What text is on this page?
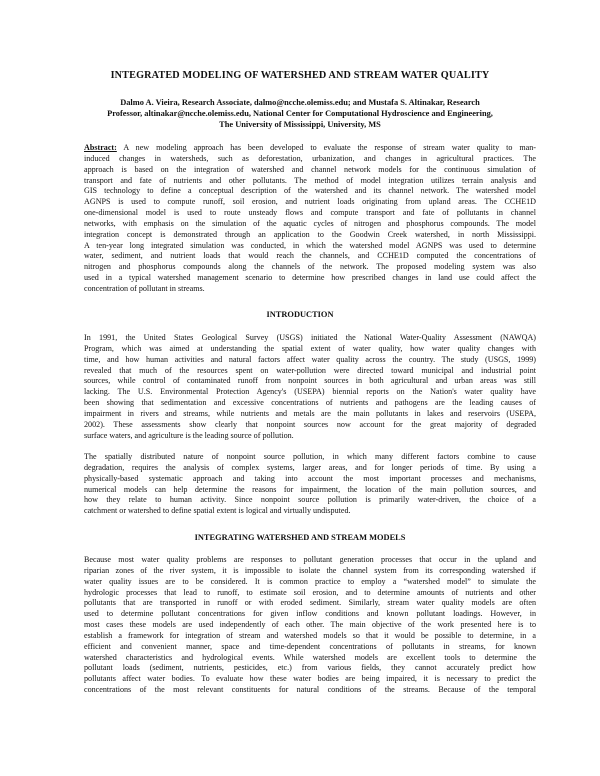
INTEGRATED MODELING OF WATERSHED AND STREAM WATER QUALITY
Dalmo A. Vieira, Research Associate, dalmo@ncche.olemiss.edu; and Mustafa S. Altinakar, Research
Professor, altinakar@ncche.olemiss.edu, National Center for Computational Hydroscience and Engineering,
The University of Mississippi, University, MS
Abstract: A new modeling approach has been developed to evaluate the response of stream water quality to man-
induced changes in watersheds, such as deforestation, urbanization, and changes in agricultural practices. The
approach is based on the integration of watershed and channel network models for the continuous simulation of
transport and fate of nutrients and other pollutants. The method of model integration utilizes terrain analysis and
GIS technology to define a conceptual description of the watershed and its channel network. The watershed model
AGNPS is used to compute runoff, soil erosion, and nutrient loads originating from upland areas. The CCHE1D
one-dimensional model is used to route unsteady flows and compute transport and fate of pollutants in channel
networks, with emphasis on the simulation of the aquatic cycles of nitrogen and phosphorus compounds. The model
integration concept is demonstrated through an application to the Goodwin Creek watershed, in north Mississippi.
A ten-year long integrated simulation was conducted, in which the watershed model AGNPS was used to determine
water, sediment, and nutrient loads that would reach the channels, and CCHE1D computed the concentrations of
nitrogen and phosphorus compounds along the channels of the network. The proposed modeling system was also
used in a typical watershed management scenario to determine how prescribed changes in land use could affect the
concentration of pollutant in streams.
INTRODUCTION
In 1991, the United States Geological Survey (USGS) initiated the National Water-Quality Assessment (NAWQA)
Program, which was aimed at understanding the spatial extent of water quality, how water quality changes with
time, and how human activities and natural factors affect water quality across the country. The study (USGS, 1999)
revealed that much of the resources spent on water-pollution were directed toward municipal and industrial point
sources, while control of contaminated runoff from nonpoint sources in both agricultural and urban areas was still
lacking. The U.S. Environmental Protection Agency's (USEPA) biennial reports on the Nation's water quality have
been showing that sedimentation and excessive concentrations of nutrients and pathogens are the leading causes of
impairment in rivers and streams, while nutrients and metals are the main pollutants in lakes and reservoirs (USEPA,
2002). These assessments show clearly that nonpoint sources now account for the great majority of degraded
surface waters, and agriculture is the leading source of pollution.
The spatially distributed nature of nonpoint source pollution, in which many different factors combine to cause
degradation, requires the analysis of complex systems, larger areas, and for longer periods of time. By using a
physically-based systematic approach and taking into account the most important processes and mechanisms,
numerical models can help determine the reasons for impairment, the location of the main pollution sources, and
how they relate to human activity. Since nonpoint source pollution is primarily water-driven, the choice of a
catchment or watershed to define spatial extent is logical and virtually undisputed.
INTEGRATING WATERSHED AND STREAM MODELS
Because most water quality problems are responses to pollutant generation processes that occur in the upland and
riparian zones of the river system, it is impossible to isolate the channel system from its corresponding watershed if
water quality issues are to be considered. It is common practice to employ a “watershed model” to simulate the
hydrologic processes that lead to runoff, to estimate soil erosion, and to determine amounts of nutrients and other
pollutants that are transported in runoff or with eroded sediment. Similarly, stream water quality models are often
used to determine pollutant concentrations for given inflow conditions and known pollutant loadings. However, in
most cases these models are used independently of each other. The main objective of the work presented here is to
establish a framework for integration of stream and watershed models so that it would be possible to determine, in a
efficient and convenient manner, space and time-dependent concentrations of pollutants in streams, for known
watershed characteristics and hydrological events. While watershed models are excellent tools to determine the
pollutant loads (sediment, nutrients, pesticides, etc.) from various fields, they cannot accurately predict how
pollutants affect water bodies. To evaluate how these water bodies are being impaired, it is necessary to predict the
concentrations of the most relevant constituents for natural conditions of the streams. Because of the temporal
